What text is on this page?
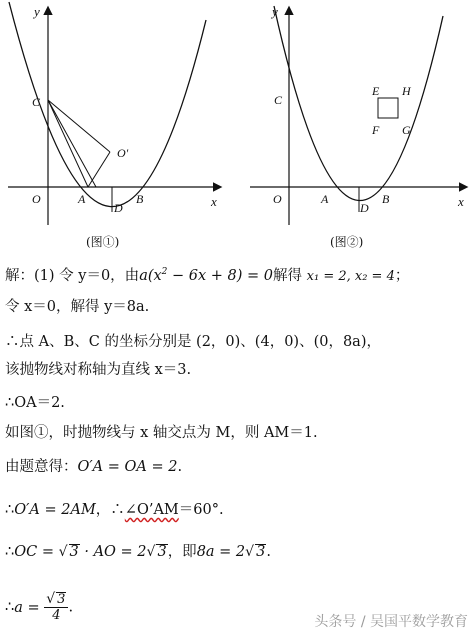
y
x
O	A	B
C
D
O'
y
x
O	A	B
C
D
E H
F G
(图①)	(图②)
解：(1) 令 y＝0，由$a(x^2 - 6x + 8) = 0$解得 x₁ = 2, x₂ = 4；
令 x＝0，解得 y＝8a.
∴点 A、B、C 的坐标分别是 (2，0)、(4，0)、(0，8a)，
该抛物线对称轴为直线 x＝3.
∴OA＝2.
如图①，时抛物线与 x 轴交点为 M，则 AM＝1.
由题意得：O′A = OA = 2.
∴O′A = 2AM，∴∠O’AM＝60°.
∴OC = √ 3 · AO = 2√ 3，即8a = 2√ 3.
∴a = $\frac{√ 3}{4}$ .
头条号 / 吴国平数学教育
